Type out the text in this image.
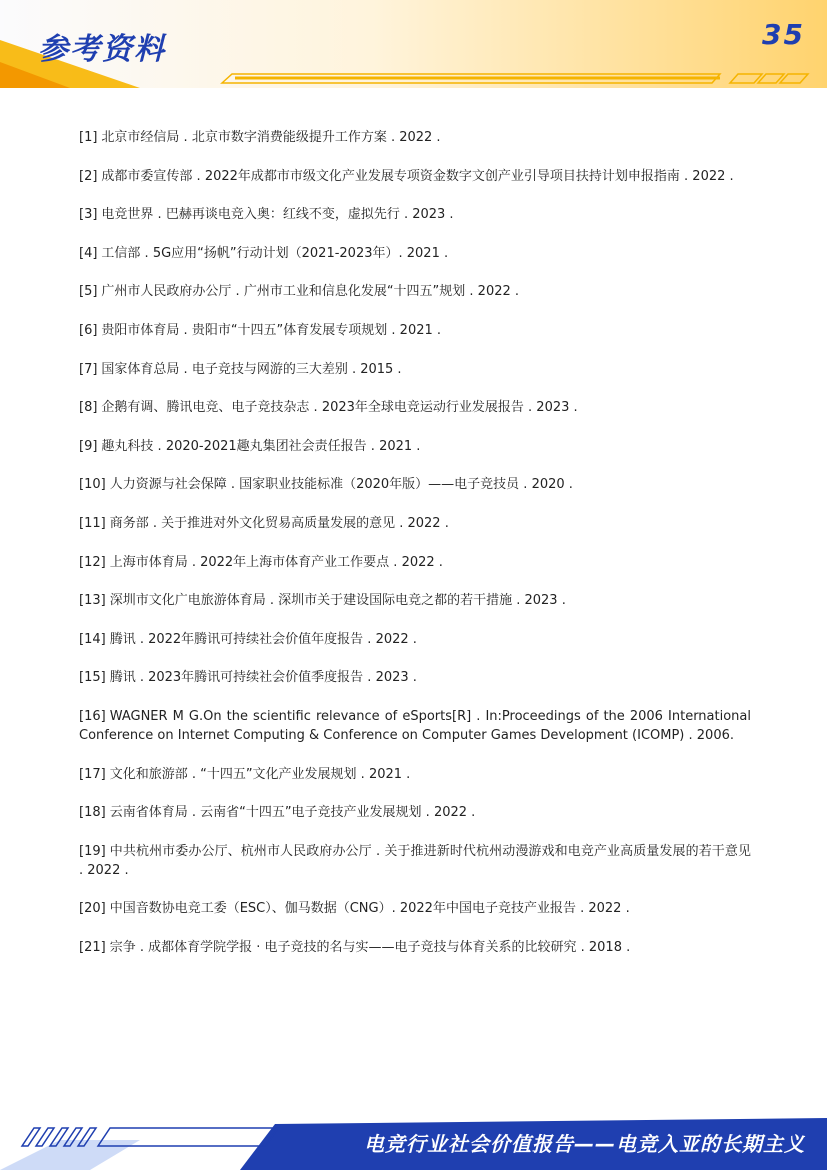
参考资料	35

[1] 北京市经信局 . 北京市数字消费能级提升工作方案 . 2022 .

[2] 成都市委宣传部 . 2022年成都市市级文化产业发展专项资金数字文创产业引导项目扶持计划申报指南 . 2022 .

[3] 电竞世界 . 巴赫再谈电竞入奥：红线不变，虚拟先行 . 2023 .

[4] 工信部 . 5G应用“扬帆”行动计划（2021-2023年）. 2021 .

[5] 广州市人民政府办公厅 . 广州市工业和信息化发展“十四五”规划 . 2022 .

[6] 贵阳市体育局 . 贵阳市“十四五”体育发展专项规划 . 2021 .

[7] 国家体育总局 . 电子竞技与网游的三大差别 . 2015 .

[8] 企鹅有调、腾讯电竞、电子竞技杂志 . 2023年全球电竞运动行业发展报告 . 2023 .

[9] 趣丸科技 . 2020-2021趣丸集团社会责任报告 . 2021 .

[10] 人力资源与社会保障 . 国家职业技能标准（2020年版）——电子竞技员 . 2020 .

[11] 商务部 . 关于推进对外文化贸易高质量发展的意见 . 2022 .

[12] 上海市体育局 . 2022年上海市体育产业工作要点 . 2022 .

[13] 深圳市文化广电旅游体育局 . 深圳市关于建设国际电竞之都的若干措施 . 2023 .

[14] 腾讯 . 2022年腾讯可持续社会价值年度报告 . 2022 .

[15] 腾讯 . 2023年腾讯可持续社会价值季度报告 . 2023 .

[16] WAGNER M G.On the scientific relevance of eSports[R] . In:Proceedings of the 2006 International Conference on Internet Computing & Conference on Computer Games Development (ICOMP) . 2006.

[17] 文化和旅游部 . “十四五”文化产业发展规划 . 2021 .

[18] 云南省体育局 . 云南省“十四五”电子竞技产业发展规划 . 2022 .

[19] 中共杭州市委办公厅、杭州市人民政府办公厅 . 关于推进新时代杭州动漫游戏和电竞产业高质量发展的若干意见 . 2022 .

[20] 中国音数协电竞工委（ESC）、伽马数据（CNG）. 2022年中国电子竞技产业报告 . 2022 .

[21] 宗争 . 成都体育学院学报 · 电子竞技的名与实——电子竞技与体育关系的比较研究 . 2018 .

电竞行业社会价值报告——电竞入亚的长期主义
